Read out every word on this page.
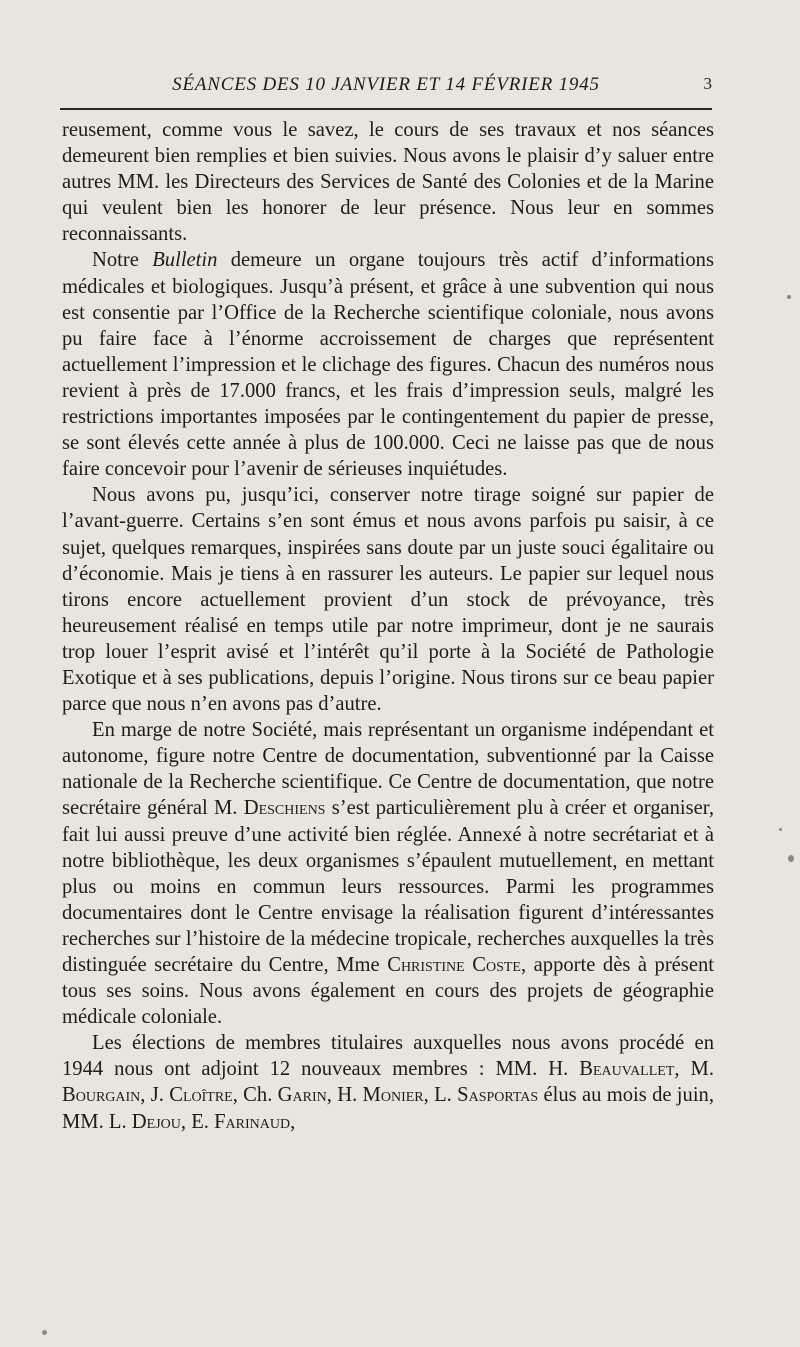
SÉANCES DES 10 JANVIER ET 14 FÉVRIER 1945	3

reusement, comme vous le savez, le cours de ses travaux et nos séances demeurent bien remplies et bien suivies. Nous avons le plaisir d’y saluer entre autres MM. les Directeurs des Services de Santé des Colonies et de la Marine qui veulent bien les honorer de leur présence. Nous leur en sommes reconnaissants.

Notre Bulletin demeure un organe toujours très actif d’informations médicales et biologiques. Jusqu’à présent, et grâce à une subvention qui nous est consentie par l’Office de la Recherche scientifique coloniale, nous avons pu faire face à l’énorme accroissement de charges que représentent actuellement l’impression et le clichage des figures. Chacun des numéros nous revient à près de 17.000 francs, et les frais d’impression seuls, malgré les restrictions importantes imposées par le contingentement du papier de presse, se sont élevés cette année à plus de 100.000. Ceci ne laisse pas que de nous faire concevoir pour l’avenir de sérieuses inquiétudes.

Nous avons pu, jusqu’ici, conserver notre tirage soigné sur papier de l’avant-guerre. Certains s’en sont émus et nous avons parfois pu saisir, à ce sujet, quelques remarques, inspirées sans doute par un juste souci égalitaire ou d’économie. Mais je tiens à en rassurer les auteurs. Le papier sur lequel nous tirons encore actuellement provient d’un stock de prévoyance, très heureusement réalisé en temps utile par notre imprimeur, dont je ne saurais trop louer l’esprit avisé et l’intérêt qu’il porte à la Société de Pathologie Exotique et à ses publications, depuis l’origine. Nous tirons sur ce beau papier parce que nous n’en avons pas d’autre.

En marge de notre Société, mais représentant un organisme indépendant et autonome, figure notre Centre de documentation, subventionné par la Caisse nationale de la Recherche scientifique. Ce Centre de documentation, que notre secrétaire général M. Deschiens s’est particulièrement plu à créer et organiser, fait lui aussi preuve d’une activité bien réglée. Annexé à notre secrétariat et à notre bibliothèque, les deux organismes s’épaulent mutuellement, en mettant plus ou moins en commun leurs ressources. Parmi les programmes documentaires dont le Centre envisage la réalisation figurent d’intéressantes recherches sur l’histoire de la médecine tropicale, recherches auxquelles la très distinguée secrétaire du Centre, Mme Christine Coste, apporte dès à présent tous ses soins. Nous avons également en cours des projets de géographie médicale coloniale.

Les élections de membres titulaires auxquelles nous avons procédé en 1944 nous ont adjoint 12 nouveaux membres : MM. H. Beauvallet, M. Bourgain, J. Cloître, Ch. Garin, H. Monier, L. Sasportas élus au mois de juin, MM. L. Dejou, E. Farinaud,
